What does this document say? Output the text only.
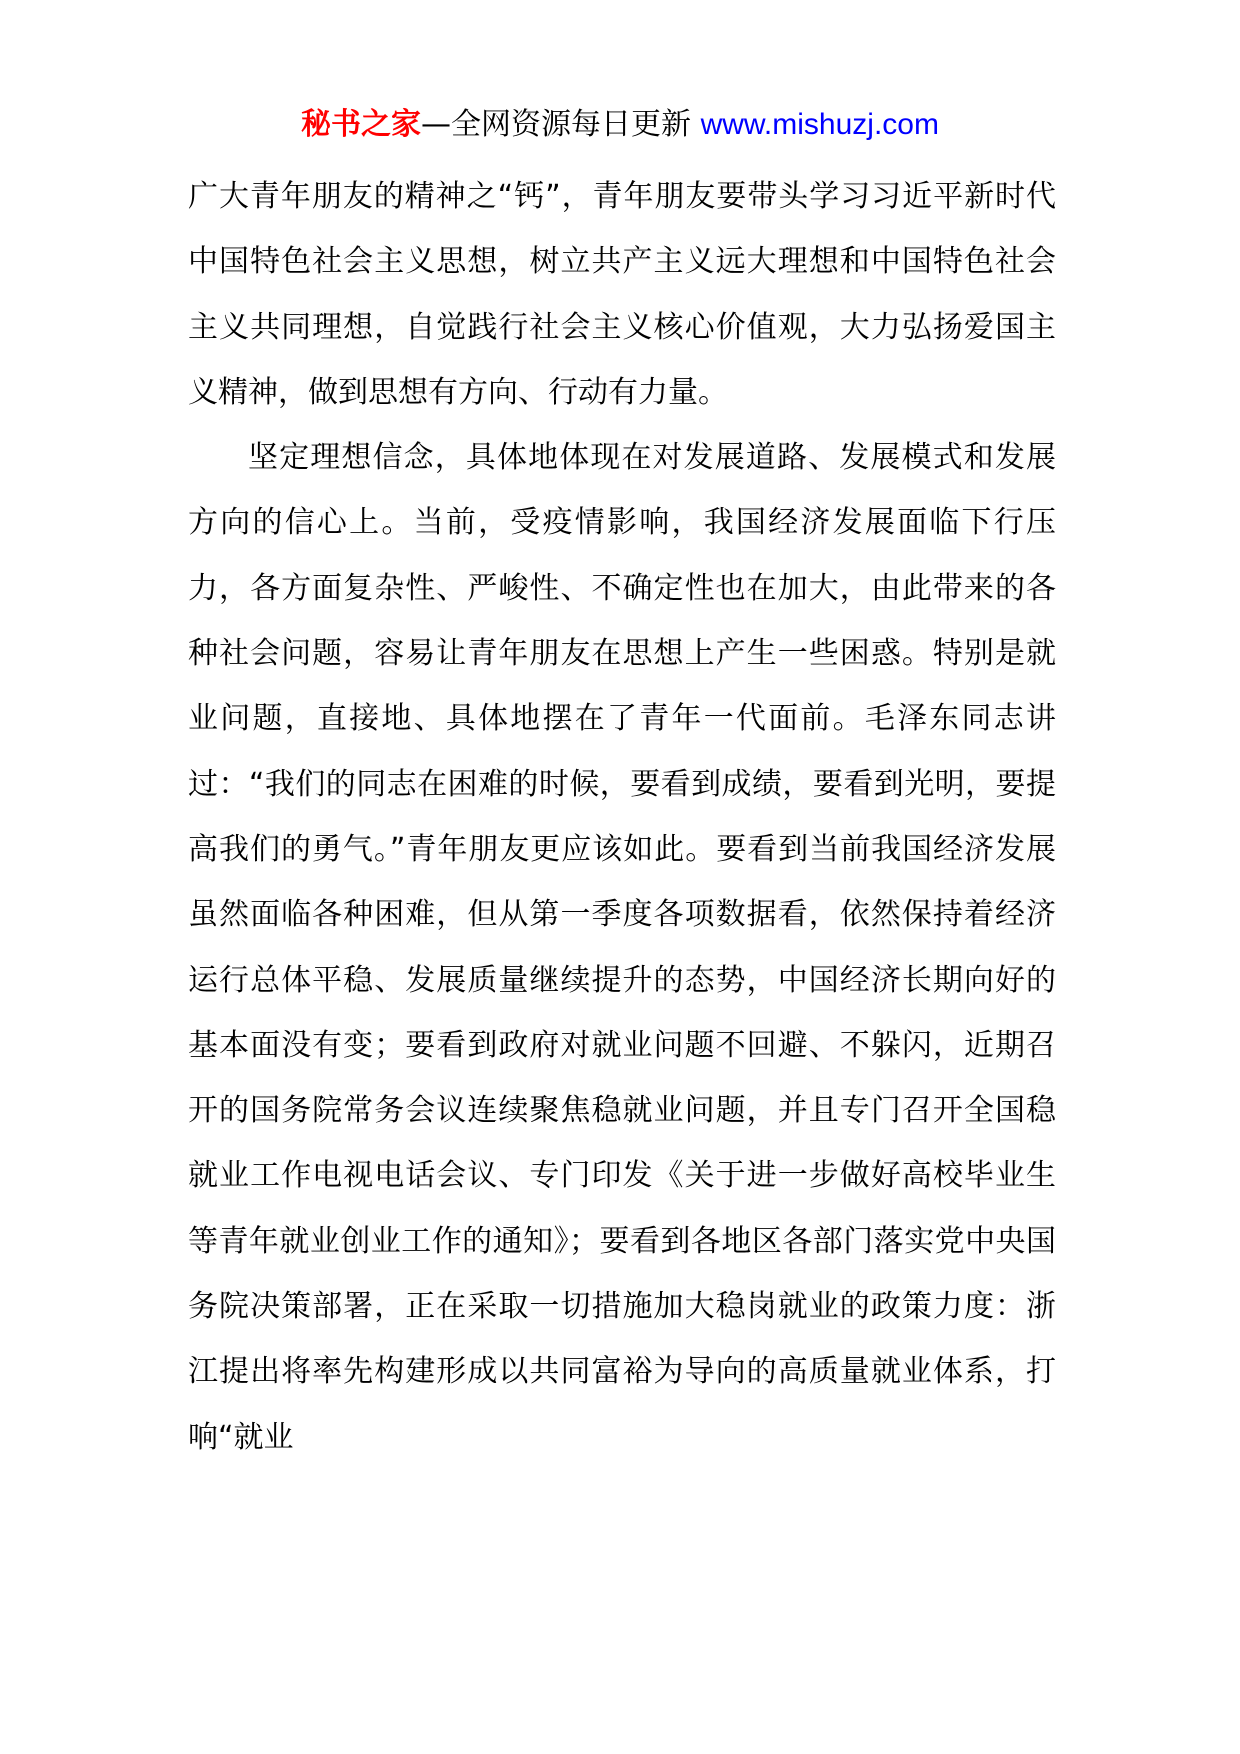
秘书之家—全网资源每日更新 www.mishuzj.com

广大青年朋友的精神之“钙”，青年朋友要带头学习习近平新时代中国特色社会主义思想，树立共产主义远大理想和中国特色社会主义共同理想，自觉践行社会主义核心价值观，大力弘扬爱国主义精神，做到思想有方向、行动有力量。

坚定理想信念，具体地体现在对发展道路、发展模式和发展方向的信心上。当前，受疫情影响，我国经济发展面临下行压力，各方面复杂性、严峻性、不确定性也在加大，由此带来的各种社会问题，容易让青年朋友在思想上产生一些困惑。特别是就业问题，直接地、具体地摆在了青年一代面前。毛泽东同志讲过：“我们的同志在困难的时候，要看到成绩，要看到光明，要提高我们的勇气。”青年朋友更应该如此。要看到当前我国经济发展虽然面临各种困难，但从第一季度各项数据看，依然保持着经济运行总体平稳、发展质量继续提升的态势，中国经济长期向好的基本面没有变；要看到政府对就业问题不回避、不躲闪，近期召开的国务院常务会议连续聚焦稳就业问题，并且专门召开全国稳就业工作电视电话会议、专门印发《关于进一步做好高校毕业生等青年就业创业工作的通知》；要看到各地区各部门落实党中央国务院决策部署，正在采取一切措施加大稳岗就业的政策力度：浙江提出将率先构建形成以共同富裕为导向的高质量就业体系，打响“就业
